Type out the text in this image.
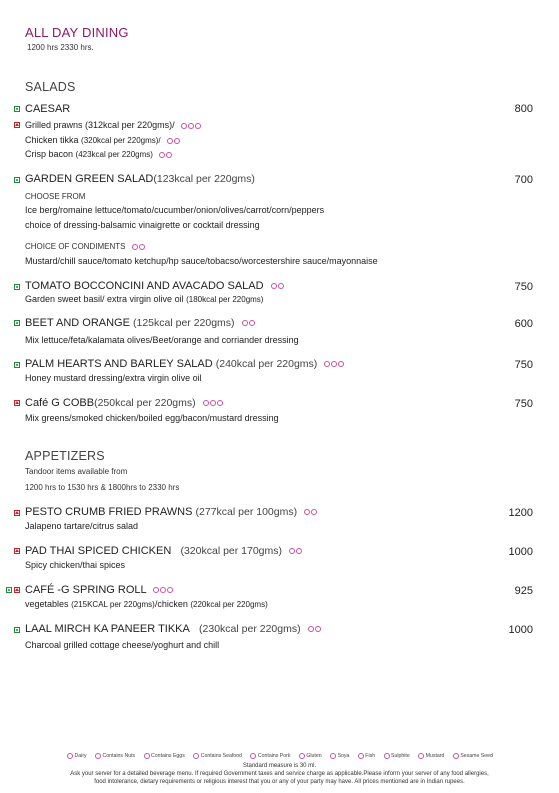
ALL DAY DINING
1200 hrs 2330 hrs.
SALADS
CAESAR	800
Grilled prawns (312kcal per 220gms)/
Chicken tikka (320kcal per 220gms)/
Crisp bacon (423kcal per 220gms)
GARDEN GREEN SALAD(123kcal per 220gms)	700
CHOOSE FROM
Ice berg/romaine lettuce/tomato/cucumber/onion/olives/carrot/corn/peppers
choice of dressing-balsamic vinaigrette or cocktail dressing
CHOICE OF CONDIMENTS
Mustard/chill sauce/tomato ketchup/hp sauce/tobacso/worcestershire sauce/mayonnaise
TOMATO BOCCONCINI AND AVACADO SALAD	750
Garden sweet basil/ extra virgin olive oil (180kcal per 220gms)
BEET AND ORANGE (125kcal per 220gms)	600
Mix lettuce/feta/kalamata olives/Beet/orange and corriander dressing
PALM HEARTS AND BARLEY SALAD (240kcal per 220gms)	750
Honey mustard dressing/extra virgin olive oil
Café G COBB(250kcal per 220gms)	750
Mix greens/smoked chicken/boiled egg/bacon/mustard dressing
APPETIZERS
Tandoor items available from
1200 hrs to 1530 hrs & 1800hrs to 2330 hrs
PESTO CRUMB FRIED PRAWNS (277kcal per 100gms)	1200
Jalapeno tartare/citrus salad
PAD THAI SPICED CHICKEN (320kcal per 170gms)	1000
Spicy chicken/thai spices
CAFÉ -G SPRING ROLL	925
vegetables (215KCAL per 220gms)/chicken (220kcal per 220gms)
LAAL MIRCH KA PANEER TIKKA (230kcal per 220gms)	1000
Charcoal grilled cottage cheese/yoghurt and chill
Dairy	Contains Nuts	Contains Eggs	Contains Seafood	Contains Pork	Gluten	Soya	Fish	Sulphite	Mustard	Sesame Seed
Standard measure is 30 ml.
Ask your server for a detailed beverage menu. If required Government taxes and service charge as applicable.Please inform your server of any food allergies,
food intolerance, dietary requirements or religious interest that you or any of your party may have. All prices mentioned are in Indian rupees.
